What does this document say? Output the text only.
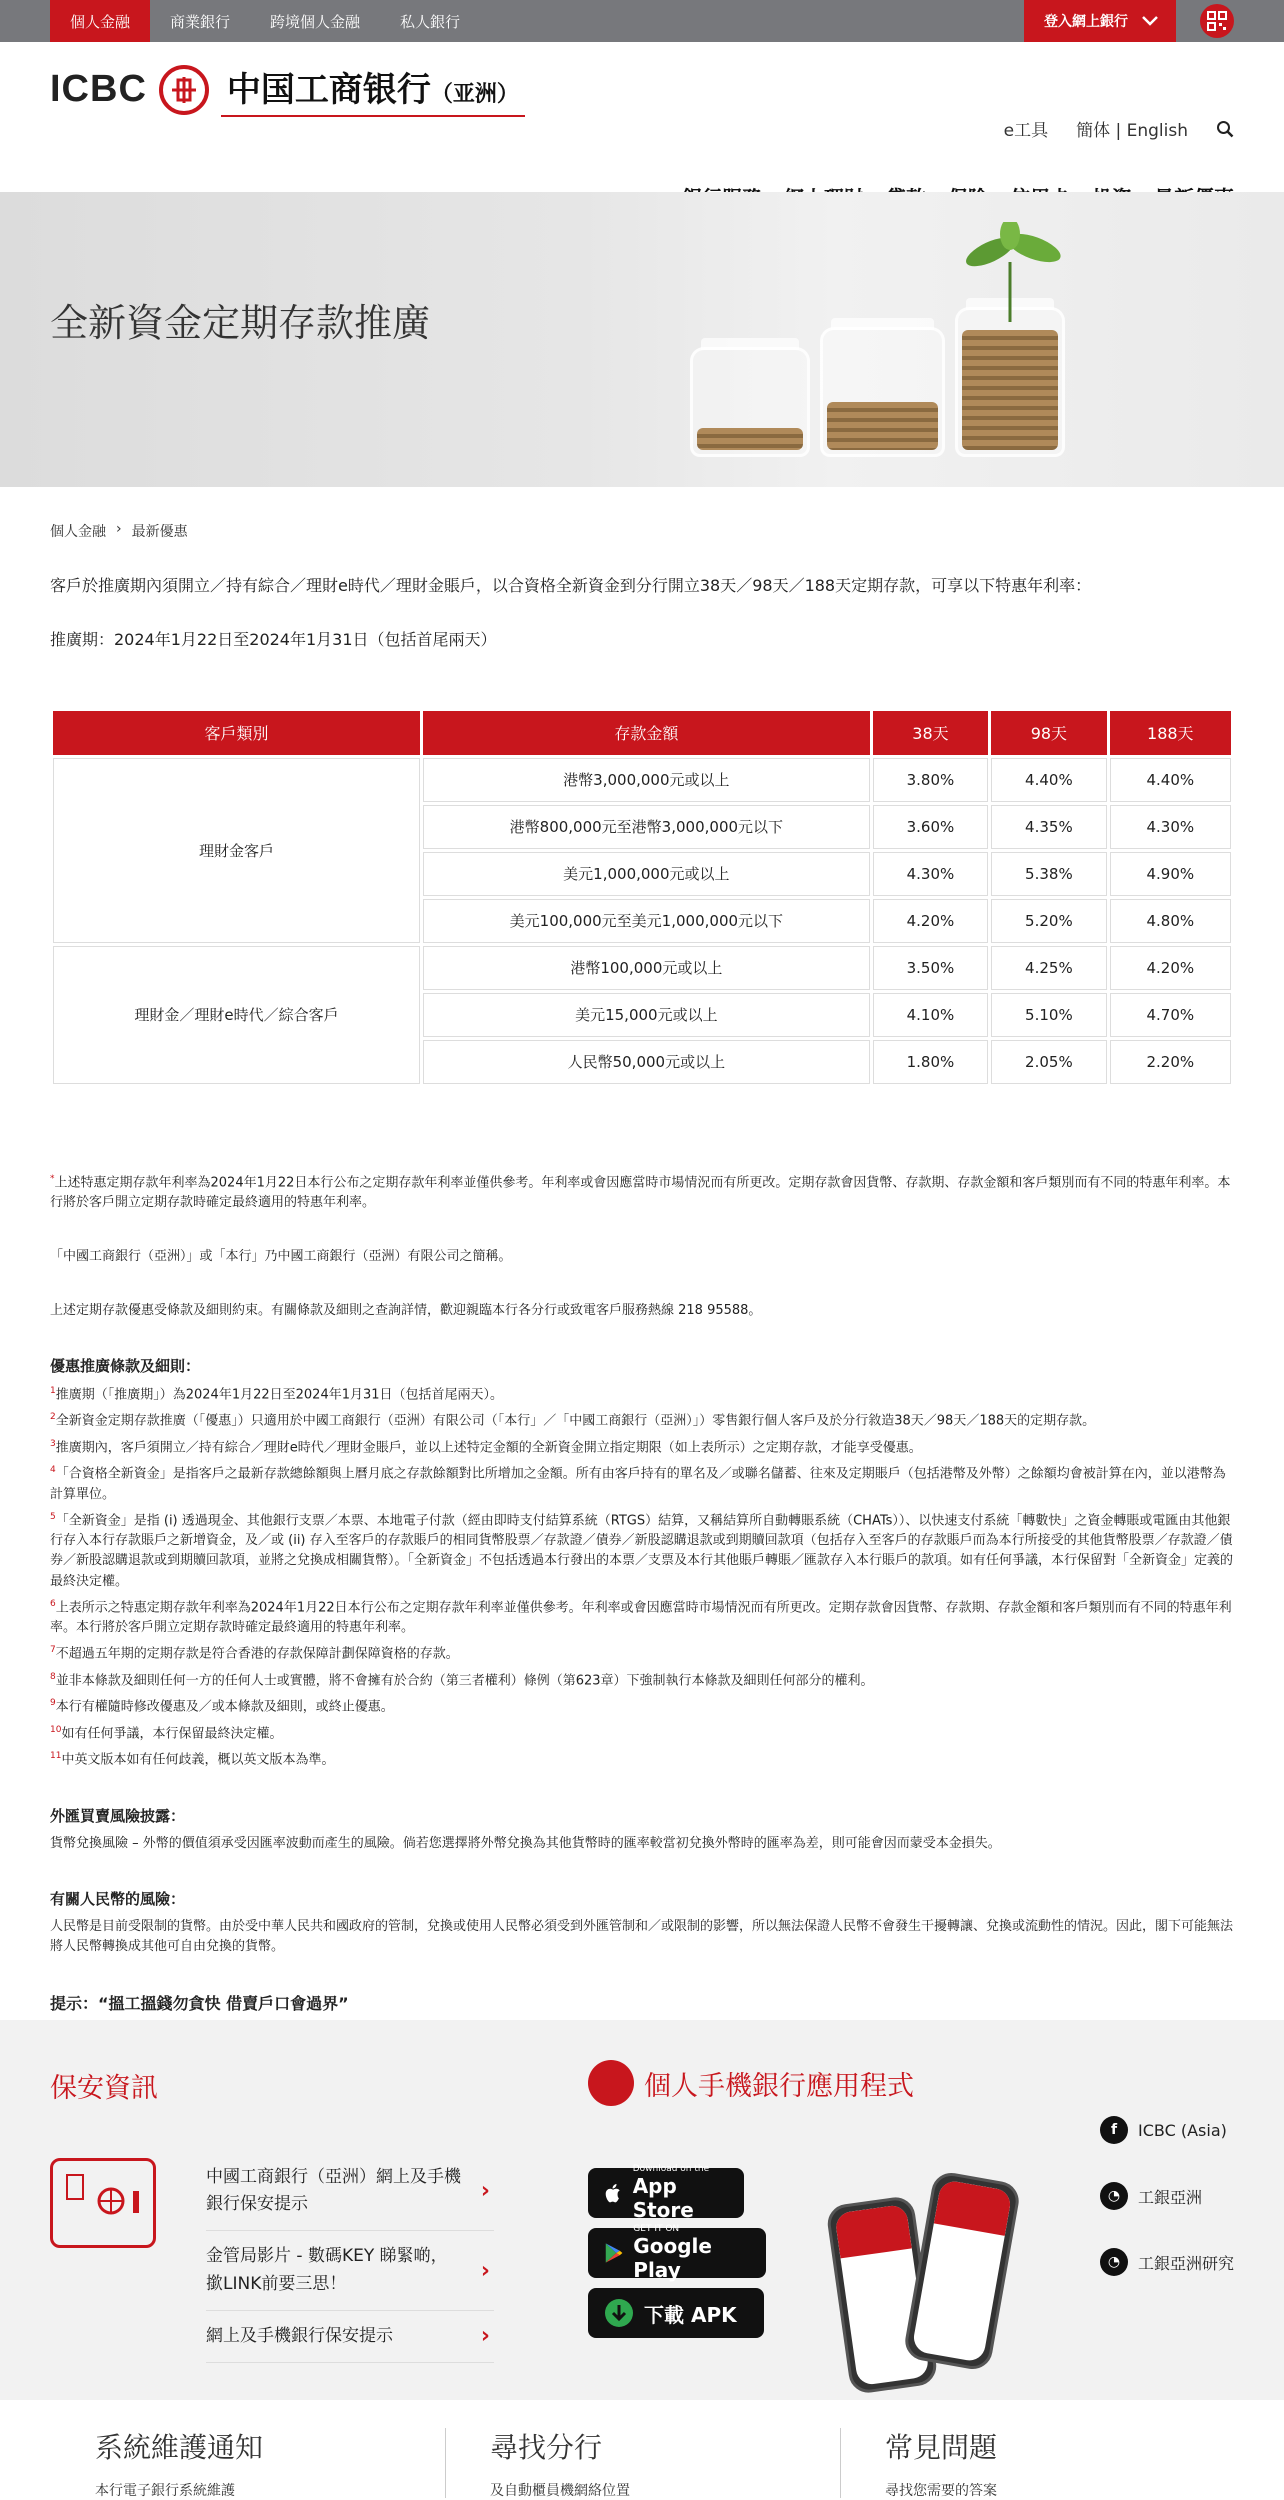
個人金融	商業銀行	跨境個人金融	私人銀行	登入網上銀行
ICBC 中国工商银行（亚洲）
e工具 簡体 | English
全新資金定期存款推廣
個人金融 › 最新優惠

客戶於推廣期內須開立／持有綜合／理財e時代／理財金賬戶，以合資格全新資金到分行開立38天／98天／188天定期存款，可享以下特惠年利率：

推廣期：2024年1月22日至2024年1月31日（包括首尾兩天）

客戶類別	存款金額	38天	98天	188天
理財金客戶	港幣3,000,000元或以上	3.80%	4.40%	4.40%
	港幣800,000元至港幣3,000,000元以下	3.60%	4.35%	4.30%
	美元1,000,000元或以上	4.30%	5.38%	4.90%
	美元100,000元至美元1,000,000元以下	4.20%	5.20%	4.80%
理財金／理財e時代／綜合客戶	港幣100,000元或以上	3.50%	4.25%	4.20%
	美元15,000元或以上	4.10%	5.10%	4.70%
	人民幣50,000元或以上	1.80%	2.05%	2.20%

*上述特惠定期存款年利率為2024年1月22日本行公布之定期存款年利率並僅供參考。年利率或會因應當時市場情況而有所更改。定期存款會因貨幣、存款期、存款金額和客戶類別而有不同的特惠年利率。本行將於客戶開立定期存款時確定最終適用的特惠年利率。

「中國工商銀行（亞洲）」或「本行」乃中國工商銀行（亞洲）有限公司之簡稱。

上述定期存款優惠受條款及細則約束。有關條款及細則之查詢詳情，歡迎親臨本行各分行或致電客戶服務熱線 218 95588。

優惠推廣條款及細則：
$^1$推廣期（「推廣期」）為2024年1月22日至2024年1月31日（包括首尾兩天）。
$^2$全新資金定期存款推廣（「優惠」）只適用於中國工商銀行（亞洲）有限公司（「本行」／「中國工商銀行（亞洲）」）零售銀行個人客戶及於分行敘造38天／98天／188天的定期存款。
$^3$推廣期內，客戶須開立／持有綜合／理財e時代／理財金賬戶，並以上述特定金額的全新資金開立指定期限（如上表所示）之定期存款，才能享受優惠。
$^4$「合資格全新資金」是指客戶之最新存款總餘額與上曆月底之存款餘額對比所增加之金額。所有由客戶持有的單名及／或聯名儲蓄、往來及定期賬戶（包括港幣及外幣）之餘額均會被計算在內，並以港幣為計算單位。
$^5$「全新資金」是指 (i) 透過現金、其他銀行支票／本票、本地電子付款（經由即時支付結算系統（RTGS）結算，又稱結算所自動轉賬系統（CHATs））、以快速支付系統「轉數快」之資金轉賬或電匯由其他銀行存入本行存款賬戶之新增資金，及／或 (ii) 存入至客戶的存款賬戶的相同貨幣股票／存款證／債券／新股認購退款或到期贖回款項（包括存入至客戶的存款賬戶而為本行所接受的其他貨幣股票／存款證／債券／新股認購退款或到期贖回款項，並將之兌換成相關貨幣）。「全新資金」不包括透過本行發出的本票／支票及本行其他賬戶轉賬／匯款存入本行賬戶的款項。如有任何爭議，本行保留對「全新資金」定義的最終決定權。
$^6$上表所示之特惠定期存款年利率為2024年1月22日本行公布之定期存款年利率並僅供參考。年利率或會因應當時市場情況而有所更改。定期存款會因貨幣、存款期、存款金額和客戶類別而有不同的特惠年利率。本行將於客戶開立定期存款時確定最終適用的特惠年利率。
$^7$不超過五年期的定期存款是符合香港的存款保障計劃保障資格的存款。
$^8$並非本條款及細則任何一方的任何人士或實體，將不會擁有於合約（第三者權利）條例（第623章）下強制執行本條款及細則任何部分的權利。
$^9$本行有權隨時修改優惠及／或本條款及細則，或終止優惠。
$^{10}$如有任何爭議，本行保留最終決定權。
$^{11}$中英文版本如有任何歧義，概以英文版本為準。
外匯買賣風險披露：
貨幣兌換風險 – 外幣的價值須承受因匯率波動而產生的風險。倘若您選擇將外幣兌換為其他貨幣時的匯率較當初兌換外幣時的匯率為差，則可能會因而蒙受本金損失。
有關人民幣的風險：
人民幣是目前受限制的貨幣。由於受中華人民共和國政府的管制，兌換或使用人民幣必須受到外匯管制和／或限制的影響，所以無法保證人民幣不會發生干擾轉讓、兌換或流動性的情況。因此，閣下可能無法將人民幣轉換成其他可自由兌換的貨幣。
提示：“搵工搵錢勿貪快 借賣戶口會過界”
保安資訊
中國工商銀行（亞洲）網上及手機銀行保安提示
›
金管局影片 - 數碼KEY 睇緊啲，撳LINK前要三思！
›
網上及手機銀行保安提示	›
個人手機銀行應用程式
Download on the
App Store
GET IT ON
Google Play
下載 APK
f	ICBC (Asia)
◔	工銀亞洲
◔	工銀亞洲研究
系統維護通知
本行電子銀行系統維護
尋找分行
及自動櫃員機網絡位置
常見問題
尋找您需要的答案
